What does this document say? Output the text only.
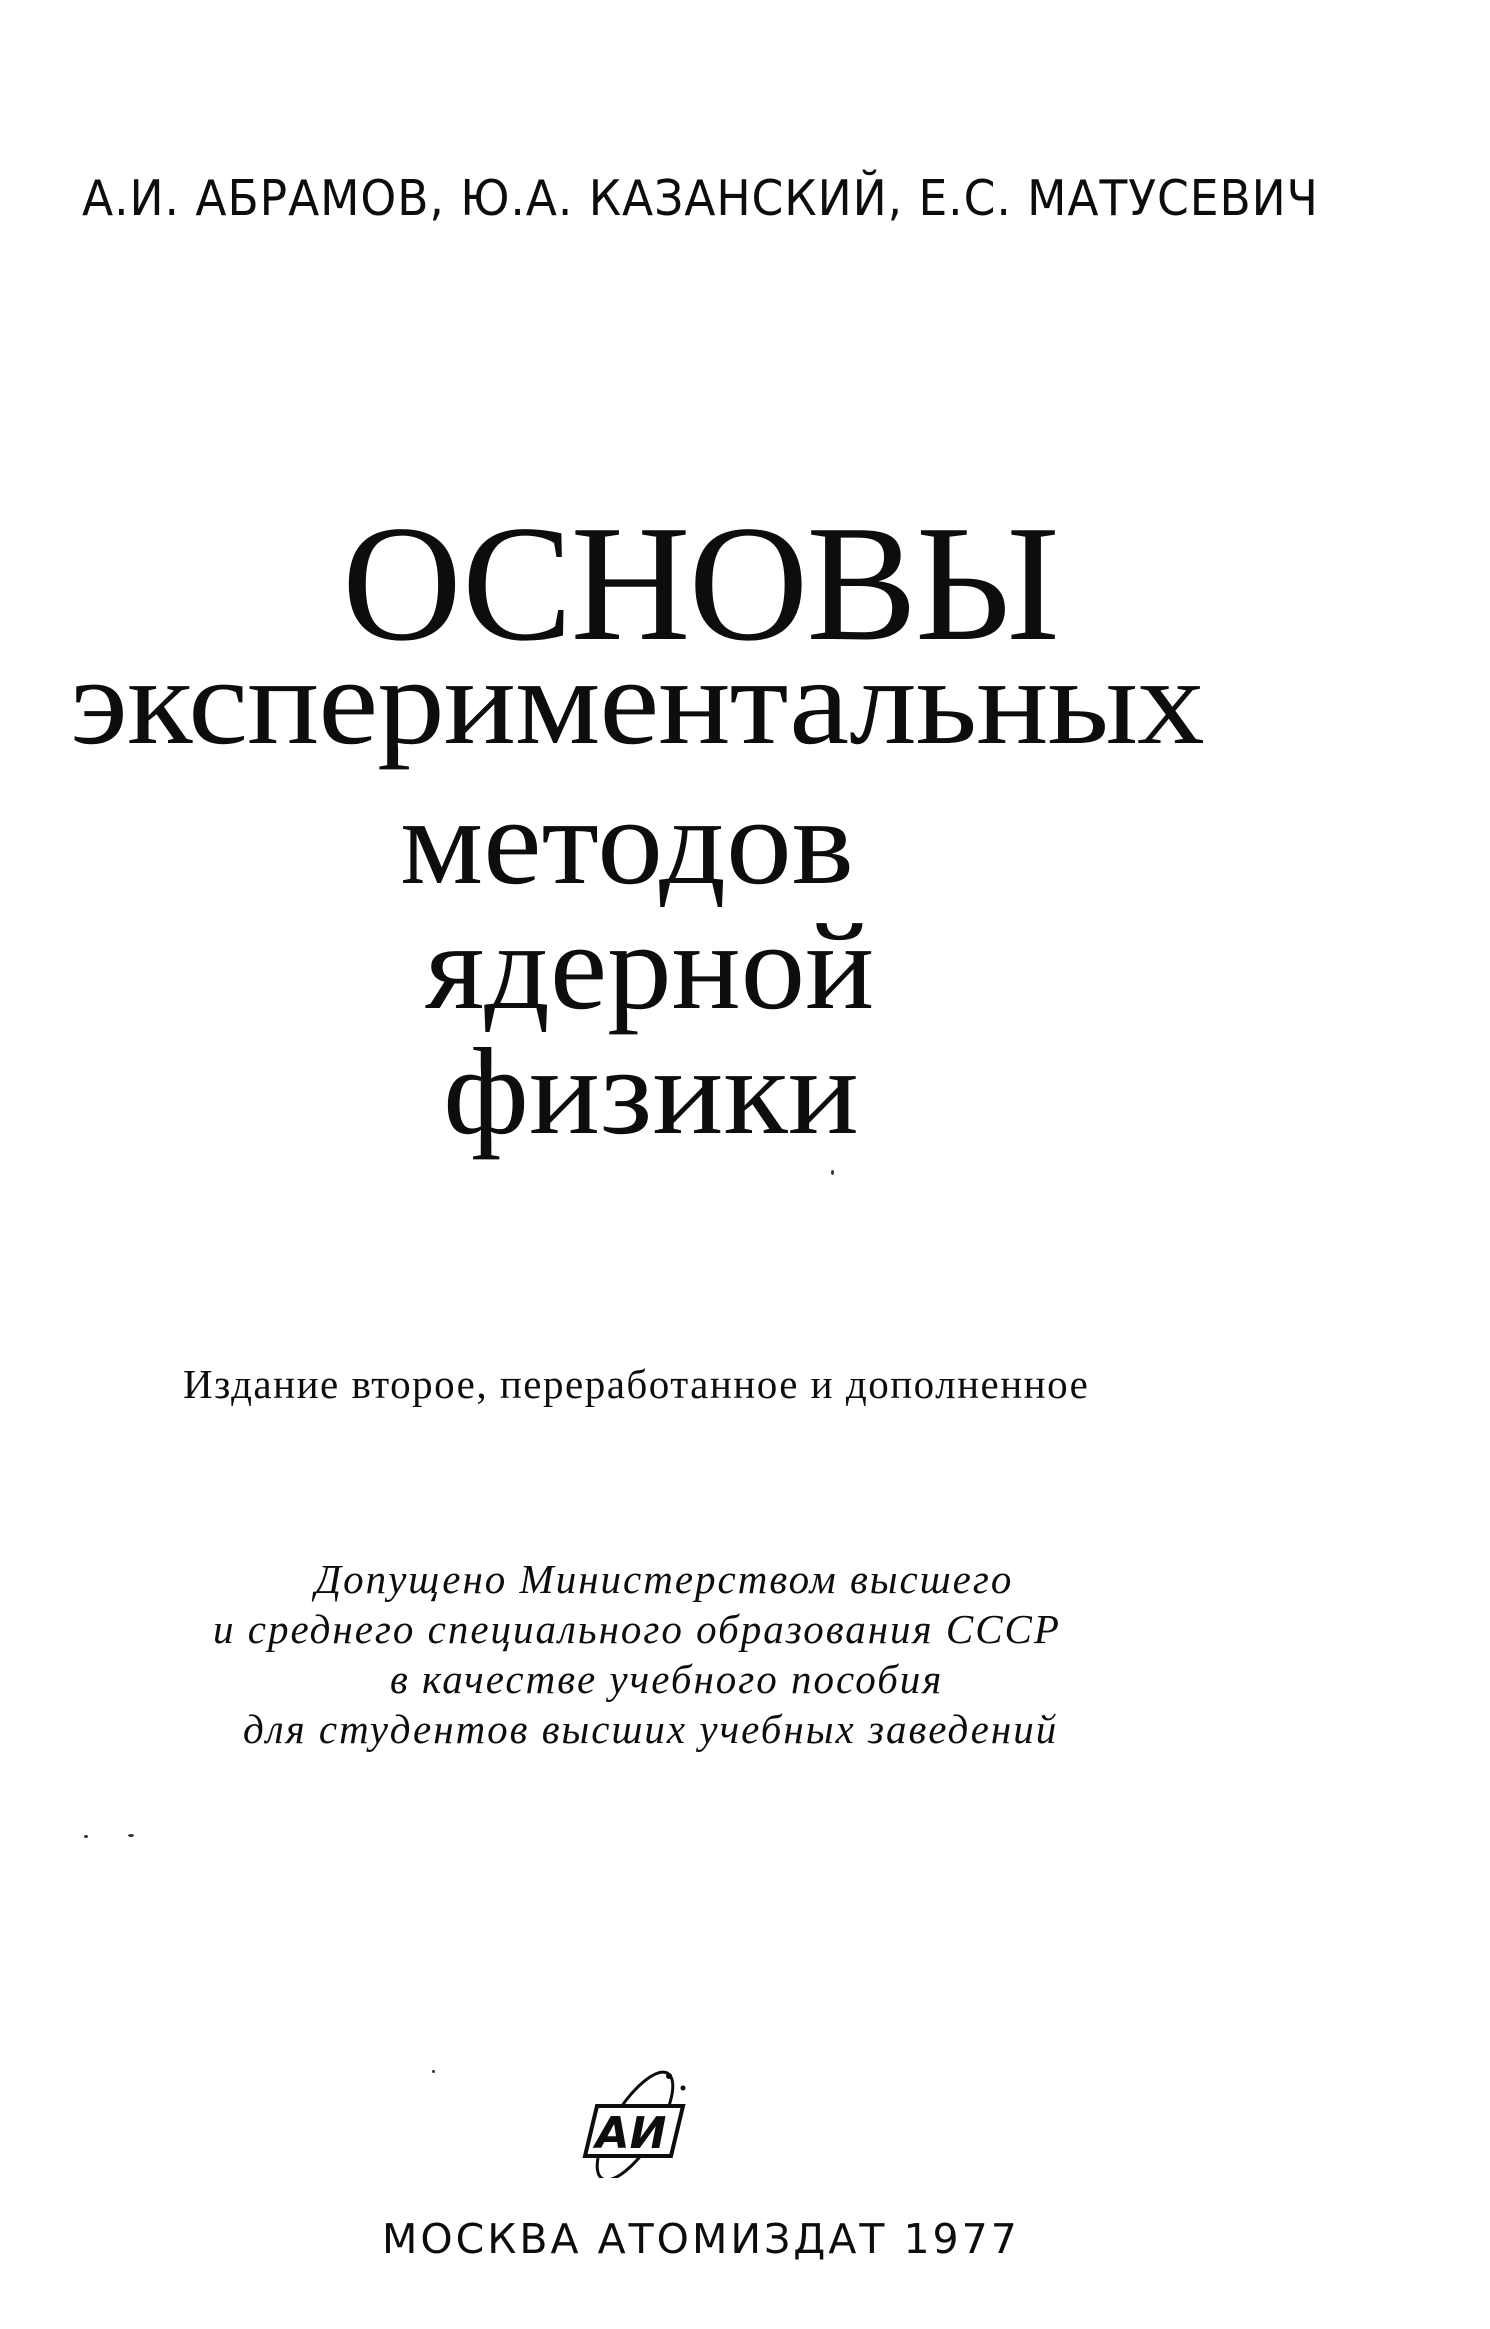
А.И. АБРАМОВ, Ю.А. КАЗАНСКИЙ, Е.С. МАТУСЕВИЧ
ОСНОВЫ
экспериментальных
методов
ядерной
физики
Издание второе, переработанное и дополненное
Допущено Министерством высшего
и среднего специального образования СССР
в качестве учебного пособия
для студентов высших учебных заведений
АИ
МОСКВА АТОМИЗДАТ 1977
